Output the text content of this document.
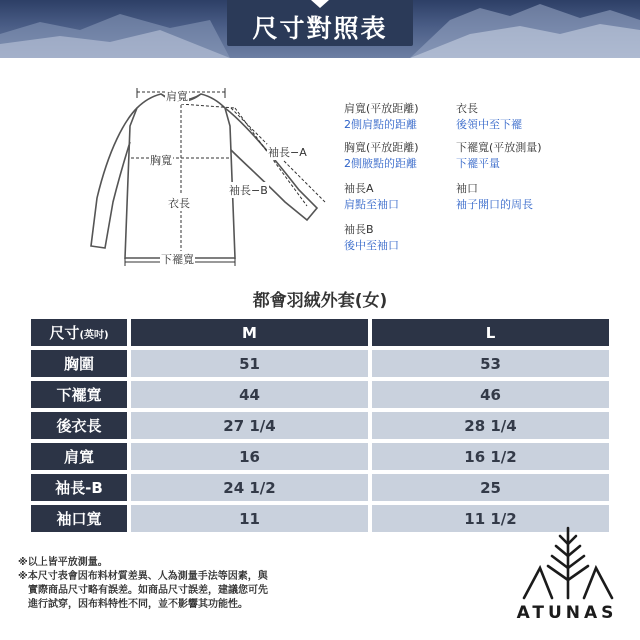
尺寸對照表
肩寬
胸寬
衣長
袖長−A
袖長−B
下襬寬
肩寬(平放距離)
2側肩點的距離
衣長
後領中至下襬
胸寬(平放距離)
2側腋點的距離
下襬寬(平放測量)
下襬平量
袖長A
肩點至袖口
袖口
袖子開口的周長
袖長B
後中至袖口
都會羽絨外套(女)
尺寸(英吋)		M		L
胸圍		51		53
下襬寬		44		46
後衣長		27 1/4		28 1/4
肩寬		16		16 1/2
袖長-B		24 1/2		25
袖口寬		11		11 1/2
※以上皆平放測量。
※本尺寸表會因布料材質差異、人為測量手法等因素，與
實際商品尺寸略有誤差。如商品尺寸誤差，建議您可先
進行試穿，因布料特性不同，並不影響其功能性。	ATUNAS
